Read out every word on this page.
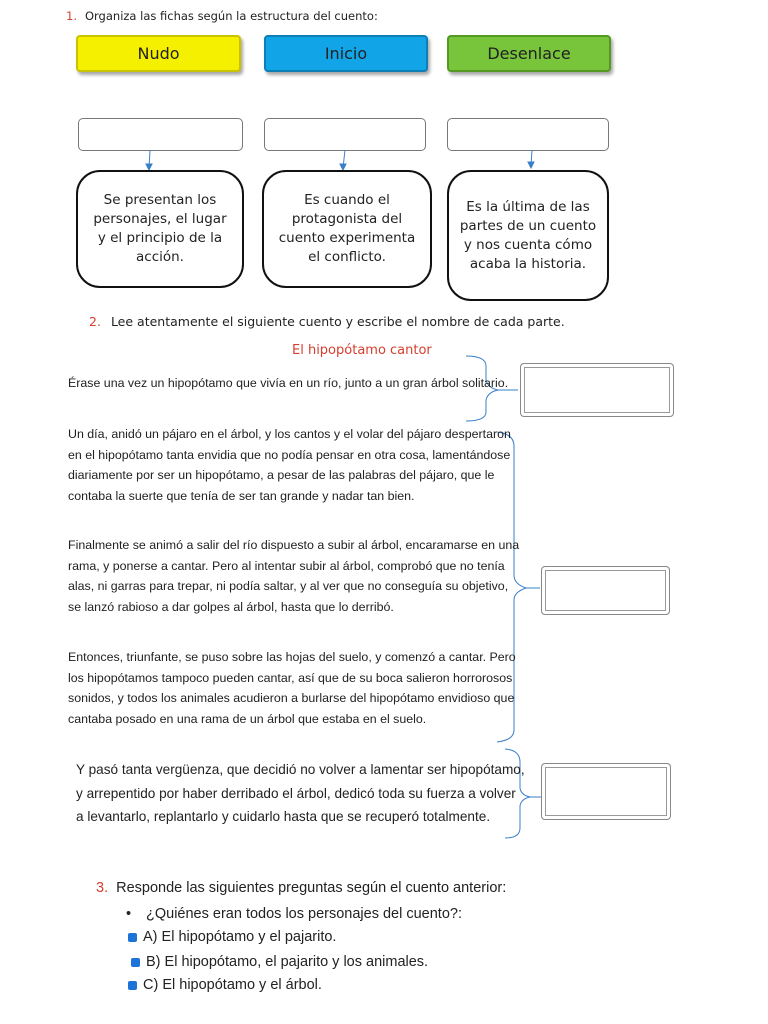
1. Organiza las fichas según la estructura del cuento:
Nudo	Inicio	Desenlace
Se presentan los personajes, el lugar y el principio de la acción.
Es cuando el protagonista del cuento experimenta el conflicto.
Es la última de las partes de un cuento y nos cuenta cómo acaba la historia.
2. Lee atentamente el siguiente cuento y escribe el nombre de cada parte.
El hipopótamo cantor
Érase una vez un hipopótamo que vivía en un río, junto a un gran árbol solitario.
Un día, anidó un pájaro en el árbol, y los cantos y el volar del pájaro despertaron en el hipopótamo tanta envidia que no podía pensar en otra cosa, lamentándose diariamente por ser un hipopótamo, a pesar de las palabras del pájaro, que le contaba la suerte que tenía de ser tan grande y nadar tan bien.
Finalmente se animó a salir del río dispuesto a subir al árbol, encaramarse en una rama, y ponerse a cantar. Pero al intentar subir al árbol, comprobó que no tenía alas, ni garras para trepar, ni podía saltar, y al ver que no conseguía su objetivo, se lanzó rabioso a dar golpes al árbol, hasta que lo derribó.
Entonces, triunfante, se puso sobre las hojas del suelo, y comenzó a cantar. Pero los hipopótamos tampoco pueden cantar, así que de su boca salieron horrorosos sonidos, y todos los animales acudieron a burlarse del hipopótamo envidioso que cantaba posado en una rama de un árbol que estaba en el suelo.
Y pasó tanta vergüenza, que decidió no volver a lamentar ser hipopótamo, y arrepentido por haber derribado el árbol, dedicó toda su fuerza a volver a levantarlo, replantarlo y cuidarlo hasta que se recuperó totalmente.
3. Responde las siguientes preguntas según el cuento anterior:
• ¿Quiénes eran todos los personajes del cuento?:
A) El hipopótamo y el pajarito.
B) El hipopótamo, el pajarito y los animales.
C) El hipopótamo y el árbol.
